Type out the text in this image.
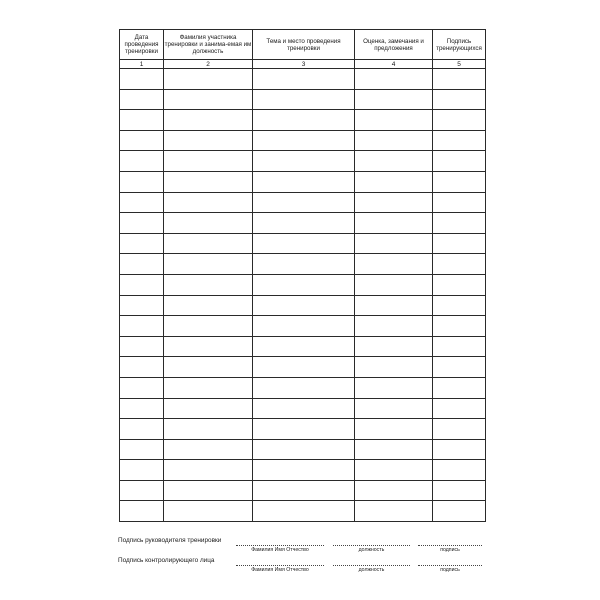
Дата проведения тренировки	Фамилия участника тренировки и занима-емая им должность	Тема и место проведения тренировки	Оценка, замечания и предложения	Подпись тренирующихся
1	2	3	4	5

Подпись руководителя тренировки
Фамилия Имя Отчество	должность	подпись
Подпись контролирующего лица
Фамилия Имя Отчество	должность	подпись
